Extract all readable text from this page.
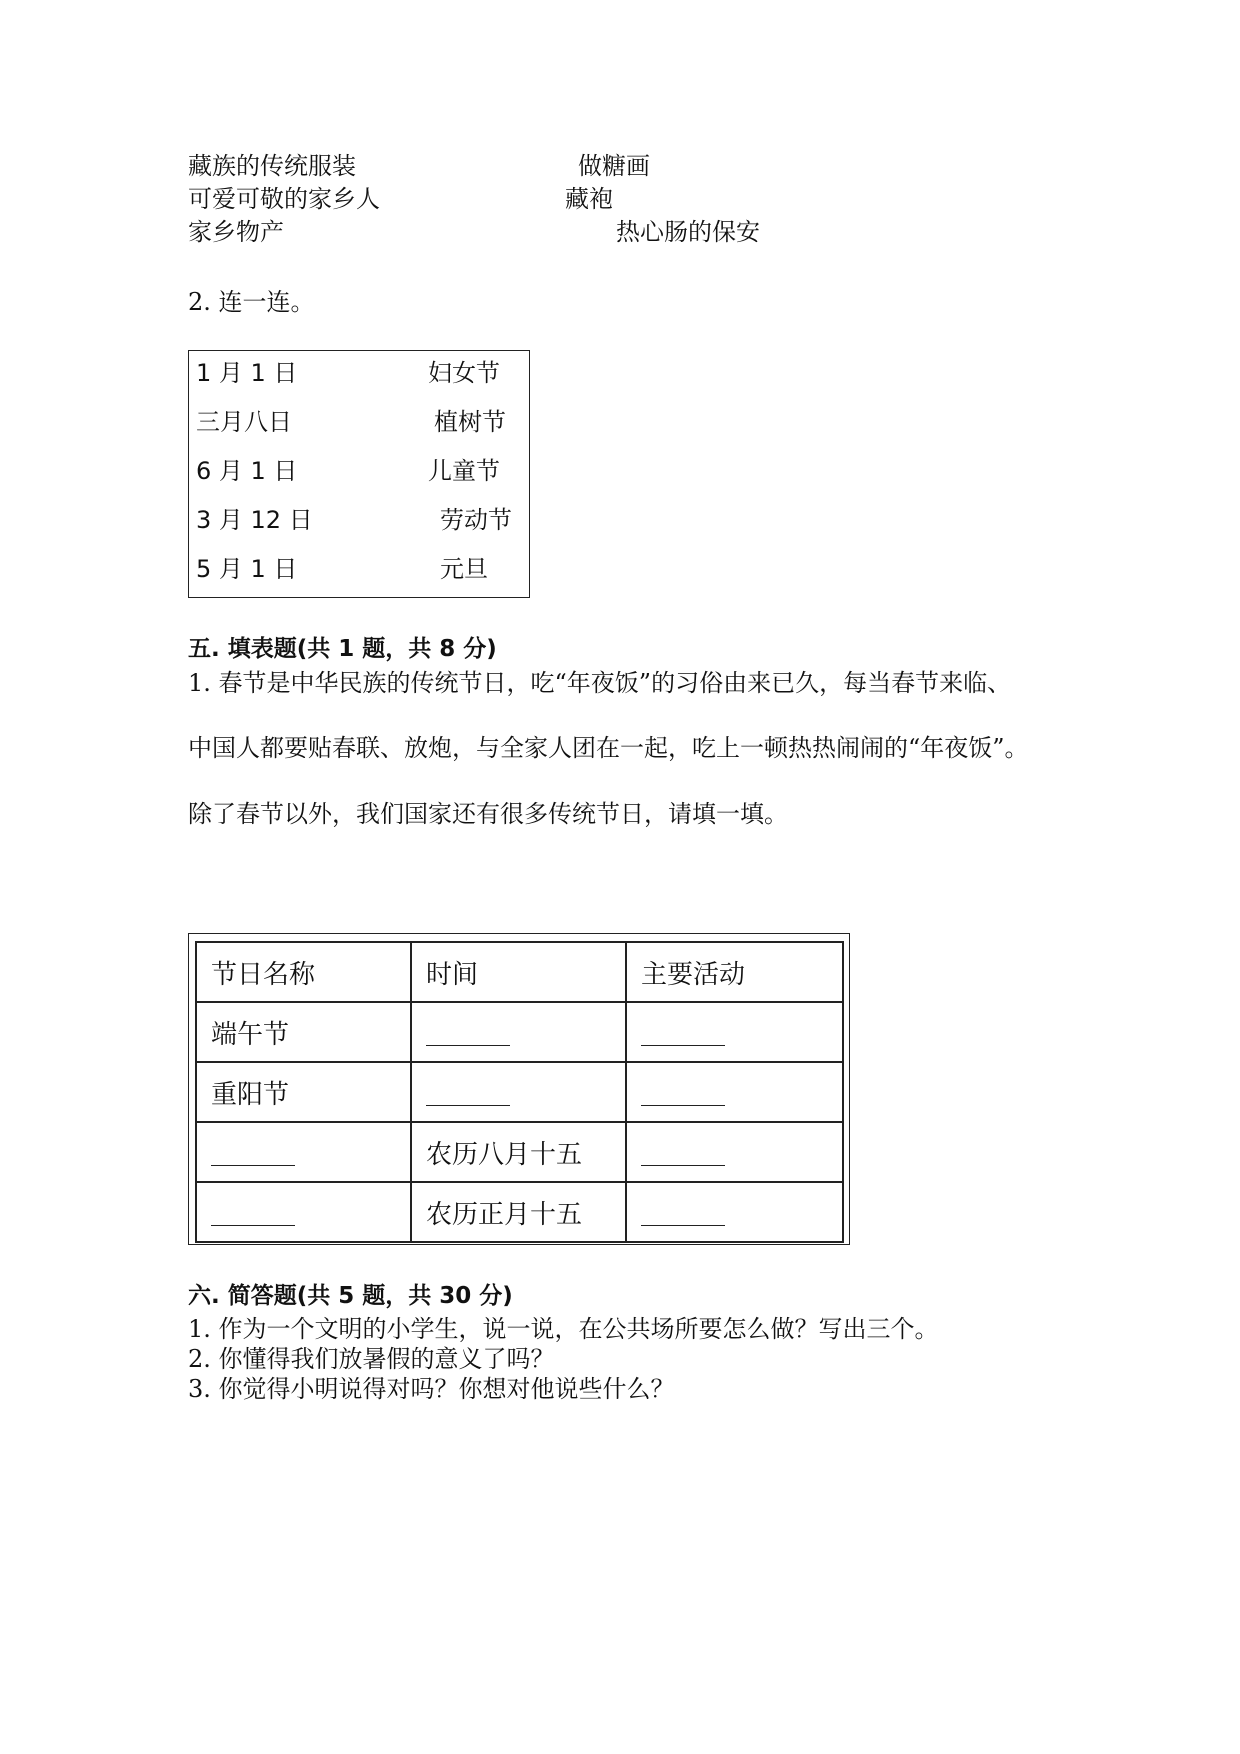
藏族的传统服装	做糖画
可爱可敬的家乡人	藏袍
家乡物产	热心肠的保安
2. 连一连。
1 月 1 日	妇女节
三月八日	植树节
6 月 1 日	儿童节
3 月 12 日	劳动节
5 月 1 日	元旦
五. 填表题(共 1 题，共 8 分)
1. 春节是中华民族的传统节日，吃“年夜饭”的习俗由来已久，每当春节来临、
中国人都要贴春联、放炮，与全家人团在一起，吃上一顿热热闹闹的“年夜饭”。
除了春节以外，我们国家还有很多传统节日，请填一填。
节日名称	时间	主要活动
端午节		
重阳节		
	农历八月十五	
	农历正月十五	
六. 简答题(共 5 题，共 30 分)
1. 作为一个文明的小学生，说一说，在公共场所要怎么做？写出三个。
2. 你懂得我们放暑假的意义了吗？
3. 你觉得小明说得对吗？你想对他说些什么？
